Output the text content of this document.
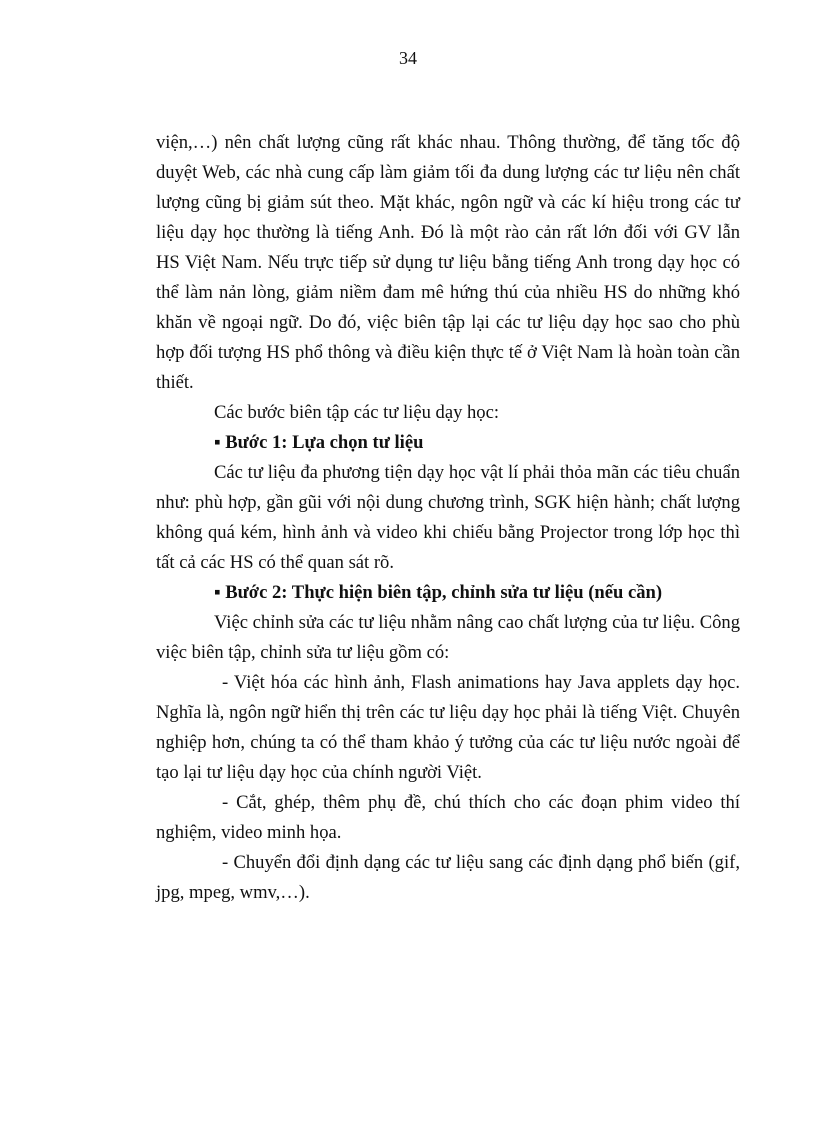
34

viện,…) nên chất lượng cũng rất khác nhau. Thông thường, để tăng tốc độ duyệt Web, các nhà cung cấp làm giảm tối đa dung lượng các tư liệu nên chất lượng cũng bị giảm sút theo. Mặt khác, ngôn ngữ và các kí hiệu trong các tư liệu dạy học thường là tiếng Anh. Đó là một rào cản rất lớn đối với GV lẫn HS Việt Nam. Nếu trực tiếp sử dụng tư liệu bằng tiếng Anh trong dạy học có thể làm nản lòng, giảm niềm đam mê hứng thú của nhiều HS do những khó khăn về ngoại ngữ. Do đó, việc biên tập lại các tư liệu dạy học sao cho phù hợp đối tượng HS phổ thông và điều kiện thực tế ở Việt Nam là hoàn toàn cần thiết.

Các bước biên tập các tư liệu dạy học:

▪ Bước 1: Lựa chọn tư liệu

Các tư liệu đa phương tiện dạy học vật lí phải thỏa mãn các tiêu chuẩn như: phù hợp, gần gũi với nội dung chương trình, SGK hiện hành; chất lượng không quá kém, hình ảnh và video khi chiếu bằng Projector trong lớp học thì tất cả các HS có thể quan sát rõ.

▪ Bước 2: Thực hiện biên tập, chỉnh sửa tư liệu (nếu cần)

Việc chỉnh sửa các tư liệu nhằm nâng cao chất lượng của tư liệu. Công việc biên tập, chỉnh sửa tư liệu gồm có:

- Việt hóa các hình ảnh, Flash animations hay Java applets dạy học. Nghĩa là, ngôn ngữ hiển thị trên các tư liệu dạy học phải là tiếng Việt. Chuyên nghiệp hơn, chúng ta có thể tham khảo ý tưởng của các tư liệu nước ngoài để tạo lại tư liệu dạy học của chính người Việt.

- Cắt, ghép, thêm phụ đề, chú thích cho các đoạn phim video thí nghiệm, video minh họa.

- Chuyển đổi định dạng các tư liệu sang các định dạng phổ biến (gif, jpg, mpeg, wmv,…).
